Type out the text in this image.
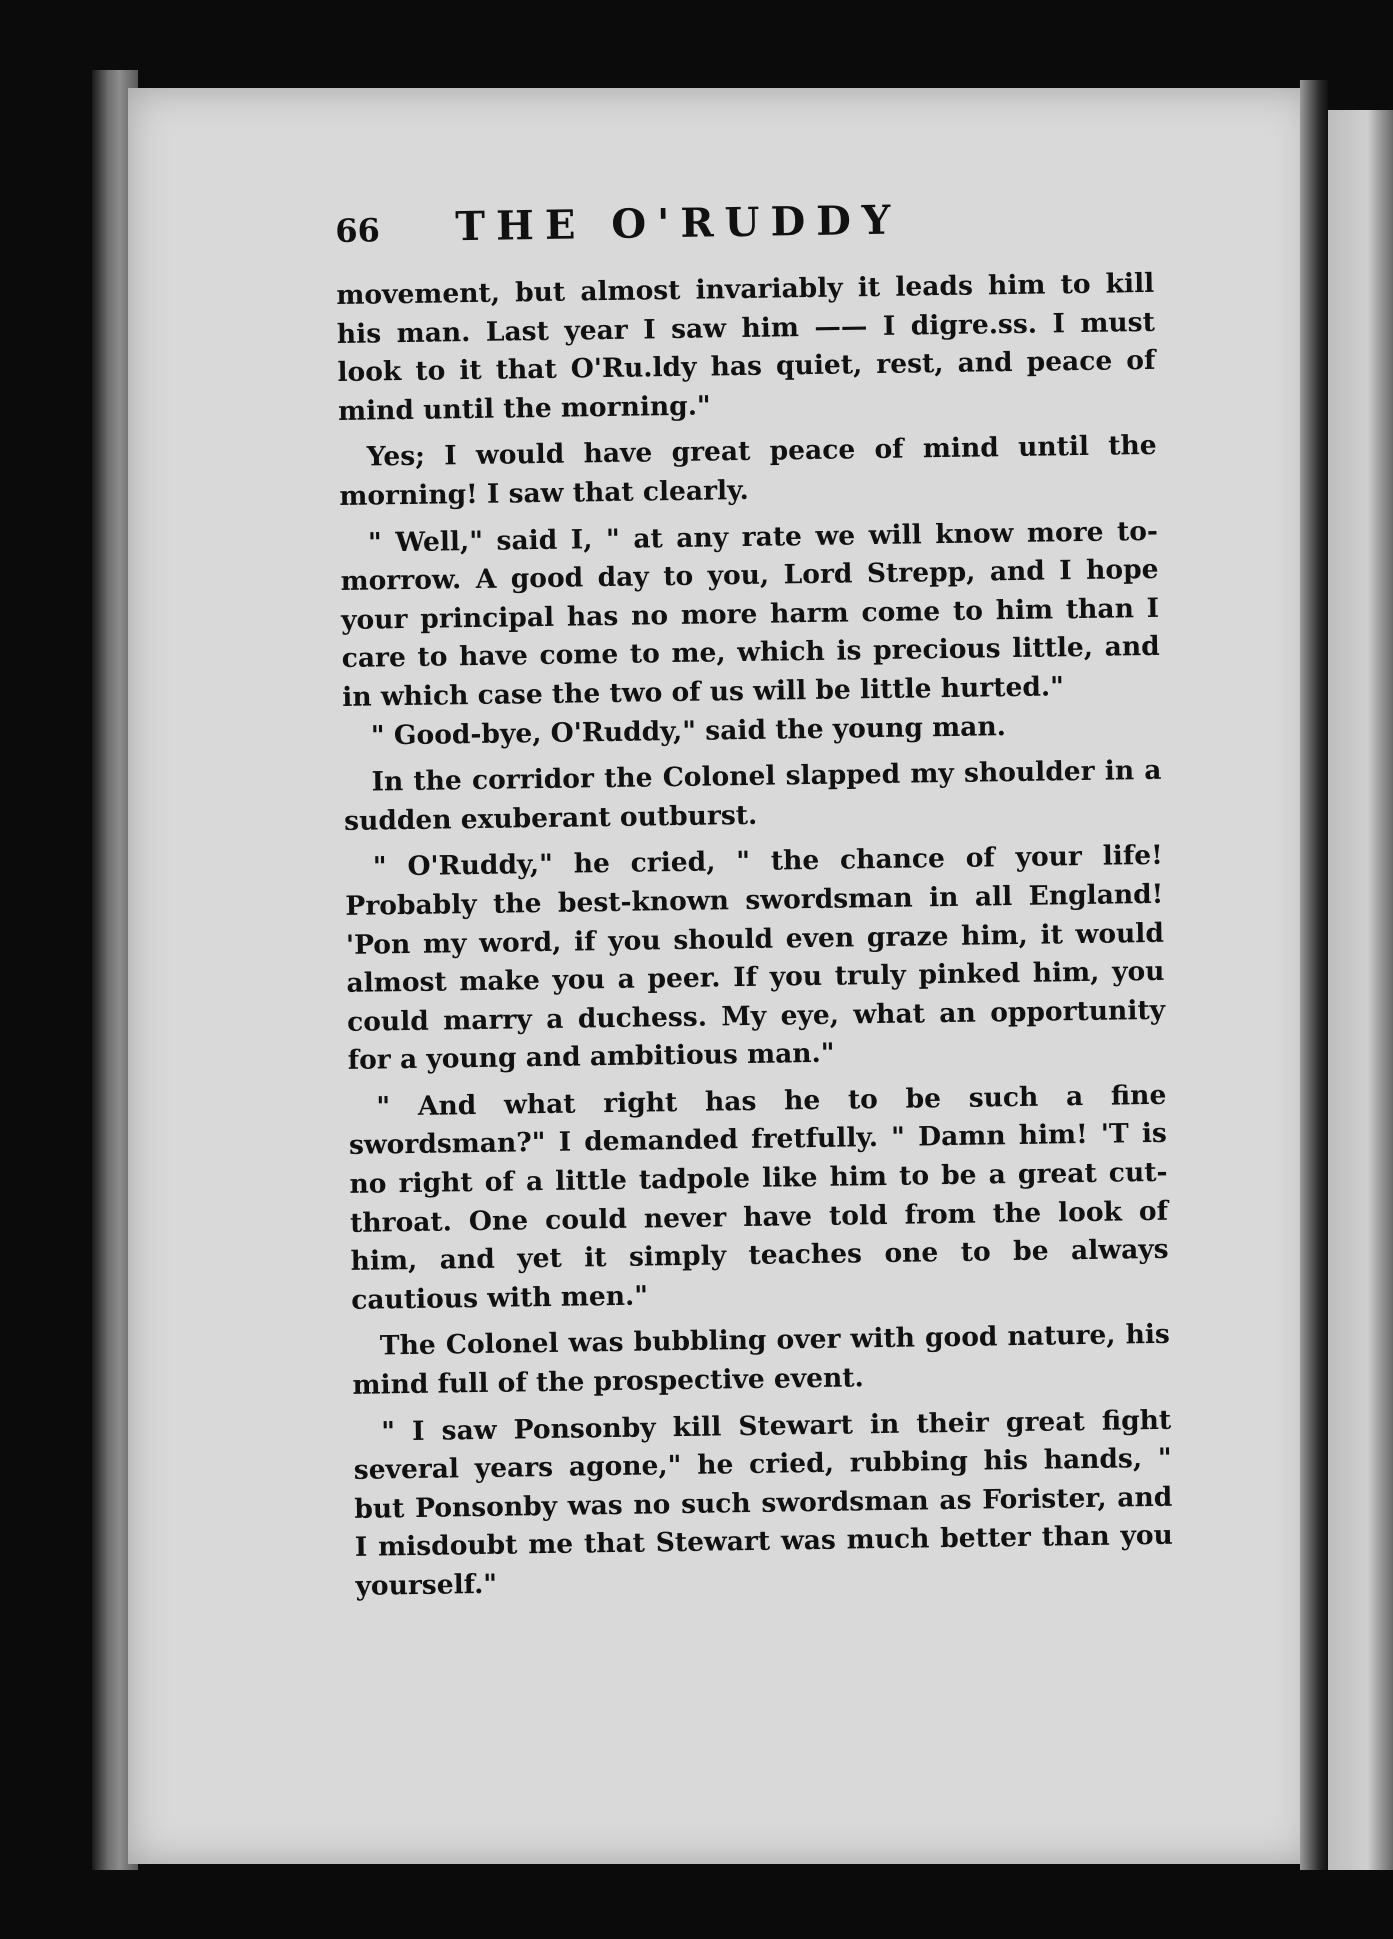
66	THE O'RUDDY

movement, but almost invariably it leads him to kill his man. Last year I saw him —— I digre.ss. I must look to it that O'Ru.ldy has quiet, rest, and peace of mind until the morning."

Yes; I would have great peace of mind until the morning! I saw that clearly.

" Well," said I, " at any rate we will know more to-morrow. A good day to you, Lord Strepp, and I hope your principal has no more harm come to him than I care to have come to me, which is precious little, and in which case the two of us will be little hurted."

" Good-bye, O'Ruddy," said the young man.

In the corridor the Colonel slapped my shoulder in a sudden exuberant outburst.

" O'Ruddy," he cried, " the chance of your life! Probably the best-known swordsman in all England! 'Pon my word, if you should even graze him, it would almost make you a peer. If you truly pinked him, you could marry a duchess. My eye, what an opportunity for a young and ambitious man."

" And what right has he to be such a fine swordsman?" I demanded fretfully. " Damn him! 'T is no right of a little tadpole like him to be a great cut-throat. One could never have told from the look of him, and yet it simply teaches one to be always cautious with men."

The Colonel was bubbling over with good nature, his mind full of the prospective event.

" I saw Ponsonby kill Stewart in their great fight several years agone," he cried, rubbing his hands, " but Ponsonby was no such swordsman as Forister, and I misdoubt me that Stewart was much better than you yourself."
